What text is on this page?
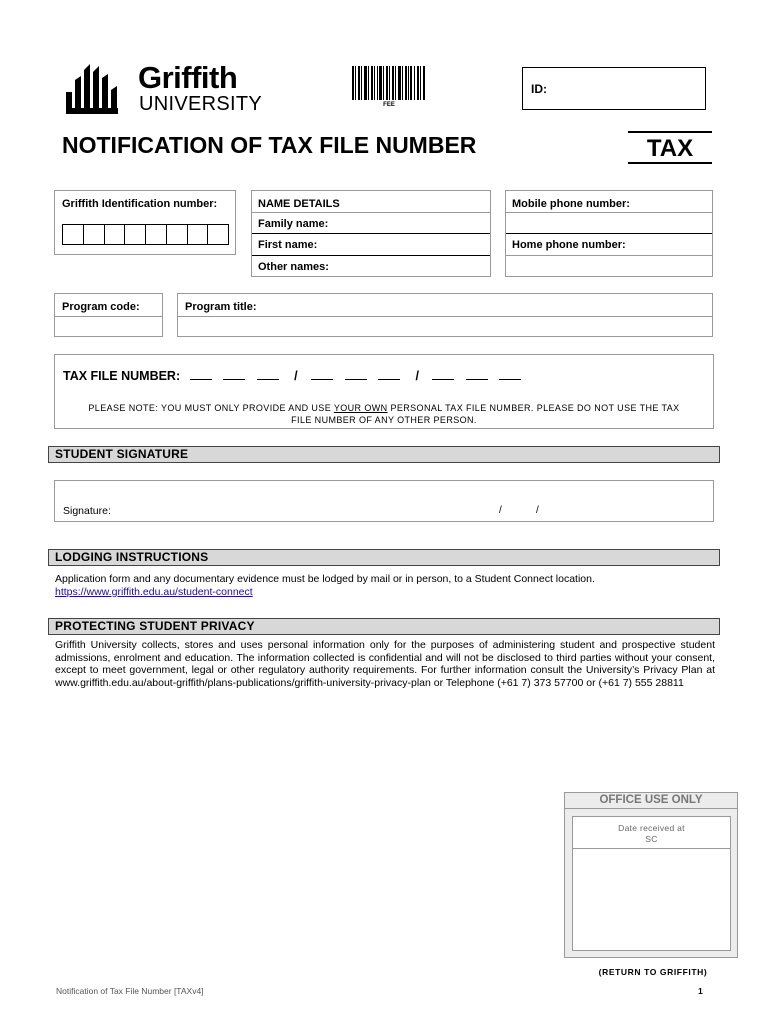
Griffith
UNIVERSITY	FEE
ID:
NOTIFICATION OF TAX FILE NUMBER	TAX
Griffith Identification number:	NAME DETAILS
Family name:
First name:
Other names:
Mobile phone number:
Home phone number:
Program code:	Program title:
TAX FILE NUMBER:	/	/
PLEASE NOTE: YOU MUST ONLY PROVIDE AND USE YOUR OWN PERSONAL TAX FILE NUMBER. PLEASE DO NOT USE THE TAX
FILE NUMBER OF ANY OTHER PERSON.
STUDENT SIGNATURE
Signature:	/	/
LODGING INSTRUCTIONS
Application form and any documentary evidence must be lodged by mail or in person, to a Student Connect location.
https://www.griffith.edu.au/student-connect
PROTECTING STUDENT PRIVACY
Griffith University collects, stores and uses personal information only for the purposes of administering student and prospective student admissions, enrolment and education. The information collected is confidential and will not be disclosed to third parties without your consent, except to meet government, legal or other regulatory authority requirements. For further information consult the University’s Privacy Plan at www.griffith.edu.au/about-griffith/plans-publications/griffith-university-privacy-plan or Telephone (+61 7) 373 57700 or (+61 7) 555 28811
OFFICE USE ONLY
Date received at
SC
(RETURN TO GRIFFITH)
Notification of Tax File Number [TAXv4]	1
